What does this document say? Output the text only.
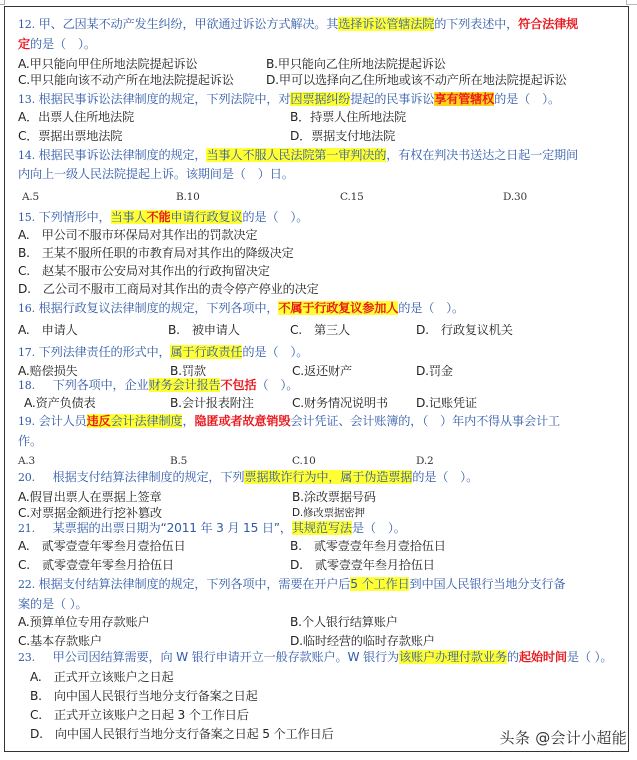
12. 甲、乙因某不动产发生纠纷，甲欲通过诉讼方式解决。其选择诉讼管辖法院的下列表述中，符合法律规
定的是（　）。
A.甲只能向甲住所地法院提起诉讼	B.甲只能向乙住所地法院提起诉讼
C.甲只能向该不动产所在地法院提起诉讼	D.甲可以选择向乙住所地或该不动产所在地法院提起诉讼
13. 根据民事诉讼法律制度的规定，下列法院中，对因票据纠纷提起的民事诉讼享有管辖权的是（　）。
A．出票人住所地法院	B．持票人住所地法院
C．票据出票地法院	D．票据支付地法院
14. 根据民事诉讼法律制度的规定，当事人不服人民法院第一审判决的，有权在判决书送达之日起一定期间
内向上一级人民法院提起上诉。该期间是（　）日。
A.5	B.10	C.15	D.30
15. 下列情形中，当事人不能申请行政复议的是（　）。
A.　甲公司不服市环保局对其作出的罚款决定
B.　王某不服所任职的市教育局对其作出的降级决定
C.　赵某不服市公安局对其作出的行政拘留决定
D.　乙公司不服市工商局对其作出的责令停产停业的决定
16. 根据行政复议法律制度的规定，下列各项中，不属于行政复议参加人的是（　）。
A.　申请人	B.　被申请人	C.　第三人	D.　行政复议机关
17. 下列法律责任的形式中，属于行政责任的是（　）。
A.赔偿损失	B.罚款	C.返还财产	D.罚金
18. 下列各项中，企业财务会计报告不包括（　）。
A.资产负债表	B.会计报表附注	C.财务情况说明书 D.记账凭证
19. 会计人员违反会计法律制度，隐匿或者故意销毁会计凭证、会计账簿的，（　）年内不得从事会计工
作。
A.3	B.5	C.10	D.2
20. 根据支付结算法律制度的规定，下列票据欺诈行为中，属于伪造票据的是（　）。
A.假冒出票人在票据上签章	B.涂改票据号码
C.对票据金额进行挖补篡改	D.修改票据密押
21. 某票据的出票日期为“2011 年 3 月 15 日”，其规范写法是（　）。
A.　贰零壹壹年零叁月壹拾伍日	B.　贰零壹壹年叁月壹拾伍日
C.　贰零壹壹年零叁月拾伍日	D.　贰零壹壹年叁月拾伍日
22. 根据支付结算法律制度的规定，下列各项中，需要在开户后5 个工作日到中国人民银行当地分支行备
案的是（ ）。
A.预算单位专用存款账户	B.个人银行结算账户
C.基本存款账户	D.临时经营的临时存款账户
23. 甲公司因结算需要，向 W 银行申请开立一般存款账户。W 银行为该账户办理付款业务的起始时间是（ ）。
A.　正式开立该账户之日起
B.　向中国人民银行当地分支行备案之日起
C.　正式开立该账户之日起 3 个工作日后
D.　向中国人民银行当地分支行备案之日起 5 个工作日后	头条 @会计小超能
